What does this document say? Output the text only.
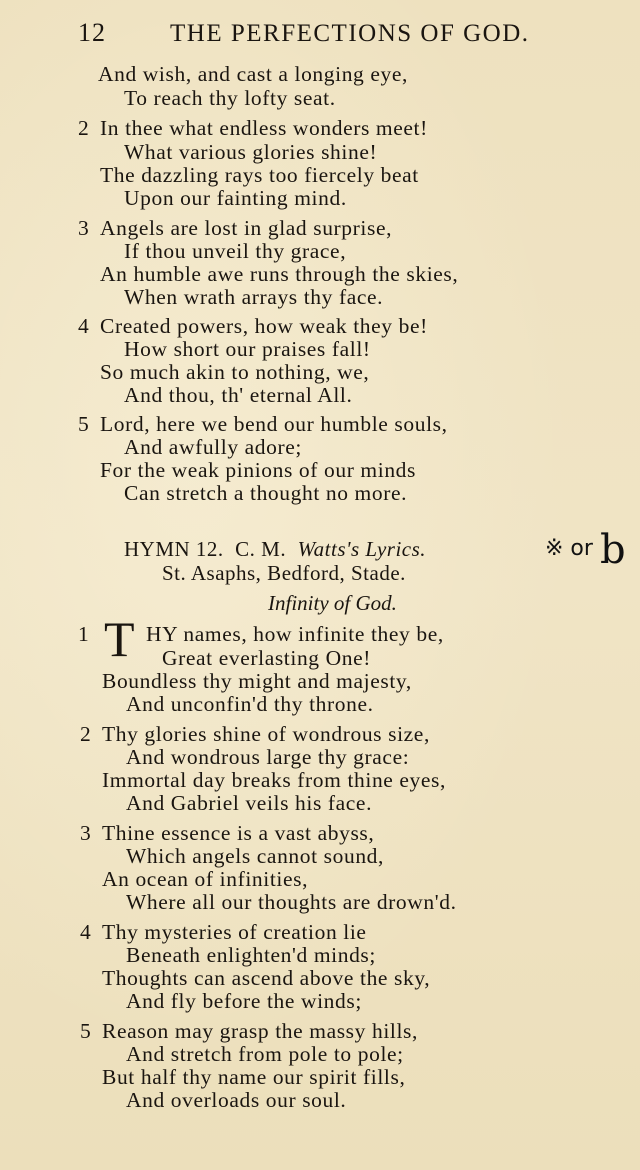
12	THE PERFECTIONS OF GOD.
And wish, and cast a longing eye,
To reach thy lofty seat.
2 In thee what endless wonders meet!
What various glories shine!
The dazzling rays too fiercely beat
Upon our fainting mind.
3 Angels are lost in glad surprise,
If thou unveil thy grace,
An humble awe runs through the skies,
When wrath arrays thy face.
4 Created powers, how weak they be!
How short our praises fall!
So much akin to nothing, we,
And thou, th' eternal All.
5 Lord, here we bend our humble souls,
And awfully adore;
For the weak pinions of our minds
Can stretch a thought no more.
HYMN 12. C. M. Watts's Lyrics.	※ or b
St. Asaphs, Bedford, Stade.
Infinity of God.
1 T HY names, how infinite they be,
Great everlasting One!
Boundless thy might and majesty,
And unconfin'd thy throne.
2 Thy glories shine of wondrous size,
And wondrous large thy grace:
Immortal day breaks from thine eyes,
And Gabriel veils his face.
3 Thine essence is a vast abyss,
Which angels cannot sound,
An ocean of infinities,
Where all our thoughts are drown'd.
4 Thy mysteries of creation lie
Beneath enlighten'd minds;
Thoughts can ascend above the sky,
And fly before the winds;
5 Reason may grasp the massy hills,
And stretch from pole to pole;
But half thy name our spirit fills,
And overloads our soul.
